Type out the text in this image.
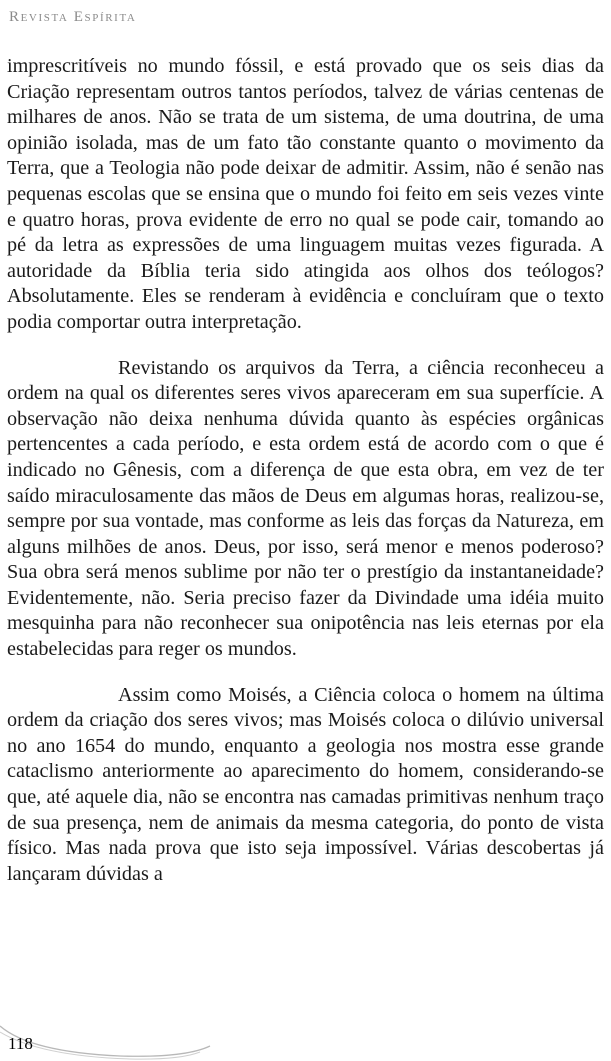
Revista Espírita

imprescritíveis no mundo fóssil, e está provado que os seis dias da Criação representam outros tantos períodos, talvez de várias centenas de milhares de anos. Não se trata de um sistema, de uma doutrina, de uma opinião isolada, mas de um fato tão constante quanto o movimento da Terra, que a Teologia não pode deixar de admitir. Assim, não é senão nas pequenas escolas que se ensina que o mundo foi feito em seis vezes vinte e quatro horas, prova evidente de erro no qual se pode cair, tomando ao pé da letra as expressões de uma linguagem muitas vezes figurada. A autoridade da Bíblia teria sido atingida aos olhos dos teólogos? Absolutamente. Eles se renderam à evidência e concluíram que o texto podia comportar outra interpretação.

Revistando os arquivos da Terra, a ciência reconheceu a ordem na qual os diferentes seres vivos apareceram em sua superfície. A observação não deixa nenhuma dúvida quanto às espécies orgânicas pertencentes a cada período, e esta ordem está de acordo com o que é indicado no Gênesis, com a diferença de que esta obra, em vez de ter saído miraculosamente das mãos de Deus em algumas horas, realizou-se, sempre por sua vontade, mas conforme as leis das forças da Natureza, em alguns milhões de anos. Deus, por isso, será menor e menos poderoso? Sua obra será menos sublime por não ter o prestígio da instantaneidade? Evidentemente, não. Seria preciso fazer da Divindade uma idéia muito mesquinha para não reconhecer sua onipotência nas leis eternas por ela estabelecidas para reger os mundos.

Assim como Moisés, a Ciência coloca o homem na última ordem da criação dos seres vivos; mas Moisés coloca o dilúvio universal no ano 1654 do mundo, enquanto a geologia nos mostra esse grande cataclismo anteriormente ao aparecimento do homem, considerando-se que, até aquele dia, não se encontra nas camadas primitivas nenhum traço de sua presença, nem de animais da mesma categoria, do ponto de vista físico. Mas nada prova que isto seja impossível. Várias descobertas já lançaram dúvidas a

118
